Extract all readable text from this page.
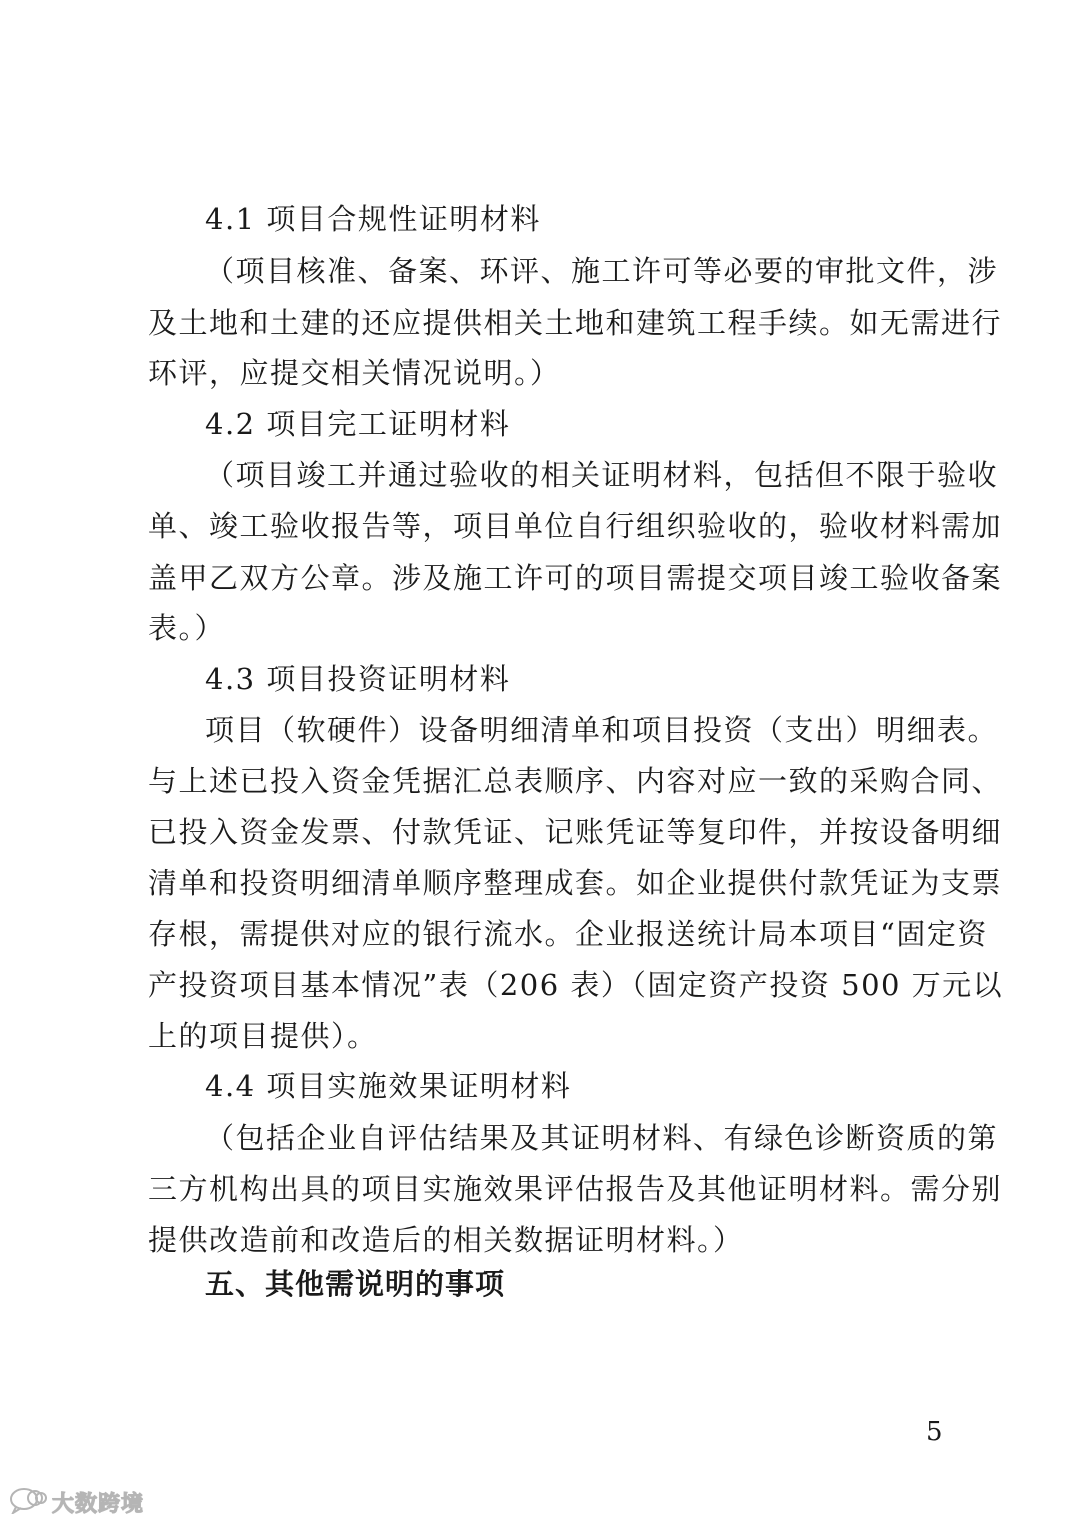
4.1 项目合规性证明材料
（项目核准、备案、环评、施工许可等必要的审批文件，涉
及土地和土建的还应提供相关土地和建筑工程手续。如无需进行
环评，应提交相关情况说明。）
4.2 项目完工证明材料
（项目竣工并通过验收的相关证明材料，包括但不限于验收
单、竣工验收报告等，项目单位自行组织验收的，验收材料需加
盖甲乙双方公章。涉及施工许可的项目需提交项目竣工验收备案
表。）
4.3 项目投资证明材料
项目（软硬件）设备明细清单和项目投资（支出）明细表。
与上述已投入资金凭据汇总表顺序、内容对应一致的采购合同、
已投入资金发票、付款凭证、记账凭证等复印件，并按设备明细
清单和投资明细清单顺序整理成套。如企业提供付款凭证为支票
存根，需提供对应的银行流水。企业报送统计局本项目“固定资
产投资项目基本情况”表（206 表）（固定资产投资 500 万元以
上的项目提供）。
4.4 项目实施效果证明材料
（包括企业自评估结果及其证明材料、有绿色诊断资质的第
三方机构出具的项目实施效果评估报告及其他证明材料。需分别
提供改造前和改造后的相关数据证明材料。）
五、其他需说明的事项
5
大数跨境
